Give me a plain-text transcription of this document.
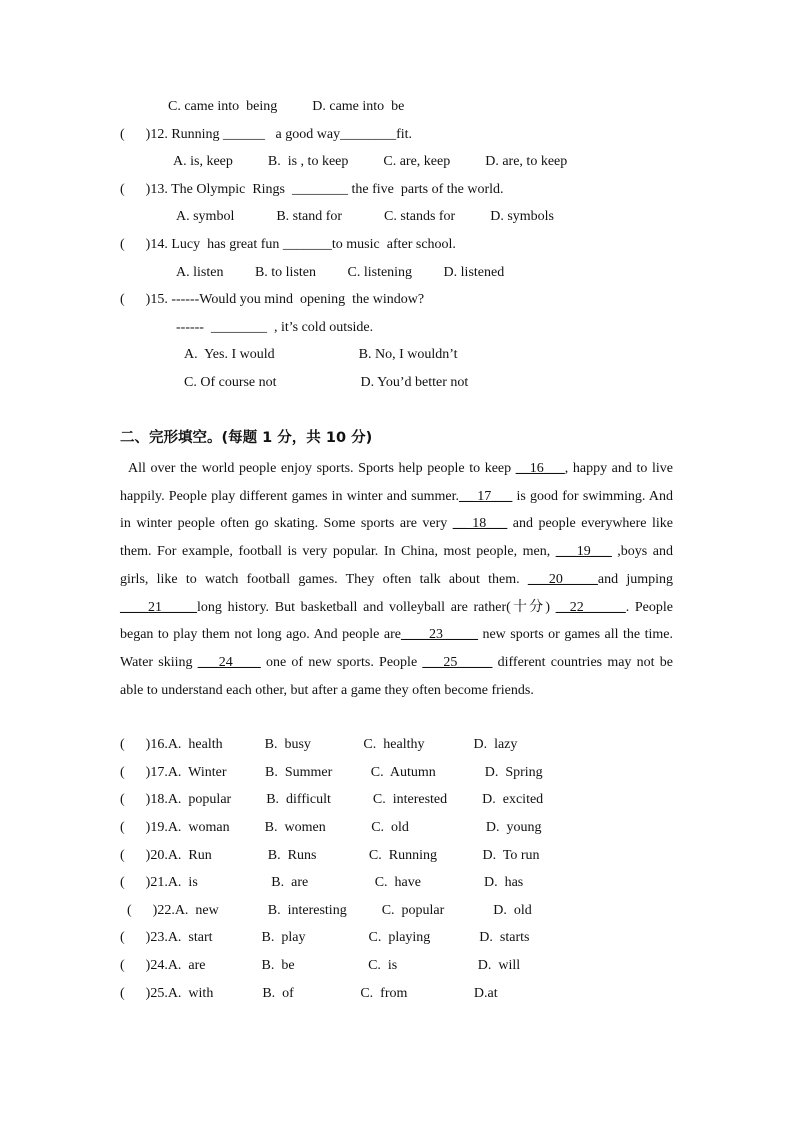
C. came into  being          D. came into  be
(      )12. Running ______   a good way________fit.
A. is, keep          B.  is , to keep          C. are, keep          D. are, to keep
(      )13. The Olympic  Rings  ________ the five  parts of the world.
A. symbol            B. stand for            C. stands for          D. symbols
(      )14. Lucy  has great fun _______to music  after school.
A. listen         B. to listen         C. listening         D. listened
(      )15. ------Would you mind  opening  the window?
------  ________  , it’s cold outside.
A.  Yes. I would                        B. No, I wouldn’t
C. Of course not                        D. You’d better not
二、完形填空。(每题 1 分，共 10 分)
All over the world people enjoy sports. Sports help people to keep __16___, happy and to live happily. People play different games in winter and summer.__ 17___ is good for swimming. And in winter people often go skating. Some sports are very __ 18___ and people everywhere like them. For example, football is very popular. In China, most people, men, ___19___ ,boys and girls, like to watch football games. They often talk about them. ___20_____and jumping ____21_____long history. But basketball and volleyball are rather(十分) __22______. People began to play them not long ago. And people are____23_____ new sports or games all the time. Water skiing ___24____ one of new sports. People ___25_____ different countries may not be able to understand each other, but after a game they often become friends.
(      )16.A.  health            B.  busy               C.  healthy              D.  lazy
(      )17.A.  Winter           B.  Summer           C.  Autumn              D.  Spring
(      )18.A.  popular          B.  difficult            C.  interested          D.  excited
(      )19.A.  woman          B.  women             C.  old                      D.  young
(      )20.A.  Run                B.  Runs               C.  Running             D.  To run
(      )21.A.  is                     B.  are                   C.  have                  D.  has
(      )22.A.  new              B.  interesting          C.  popular              D.  old
(      )23.A.  start              B.  play                  C.  playing              D.  starts
(      )24.A.  are                B.  be                     C.  is                       D.  will
(      )25.A.  with              B.  of                   C.  from                   D.at
